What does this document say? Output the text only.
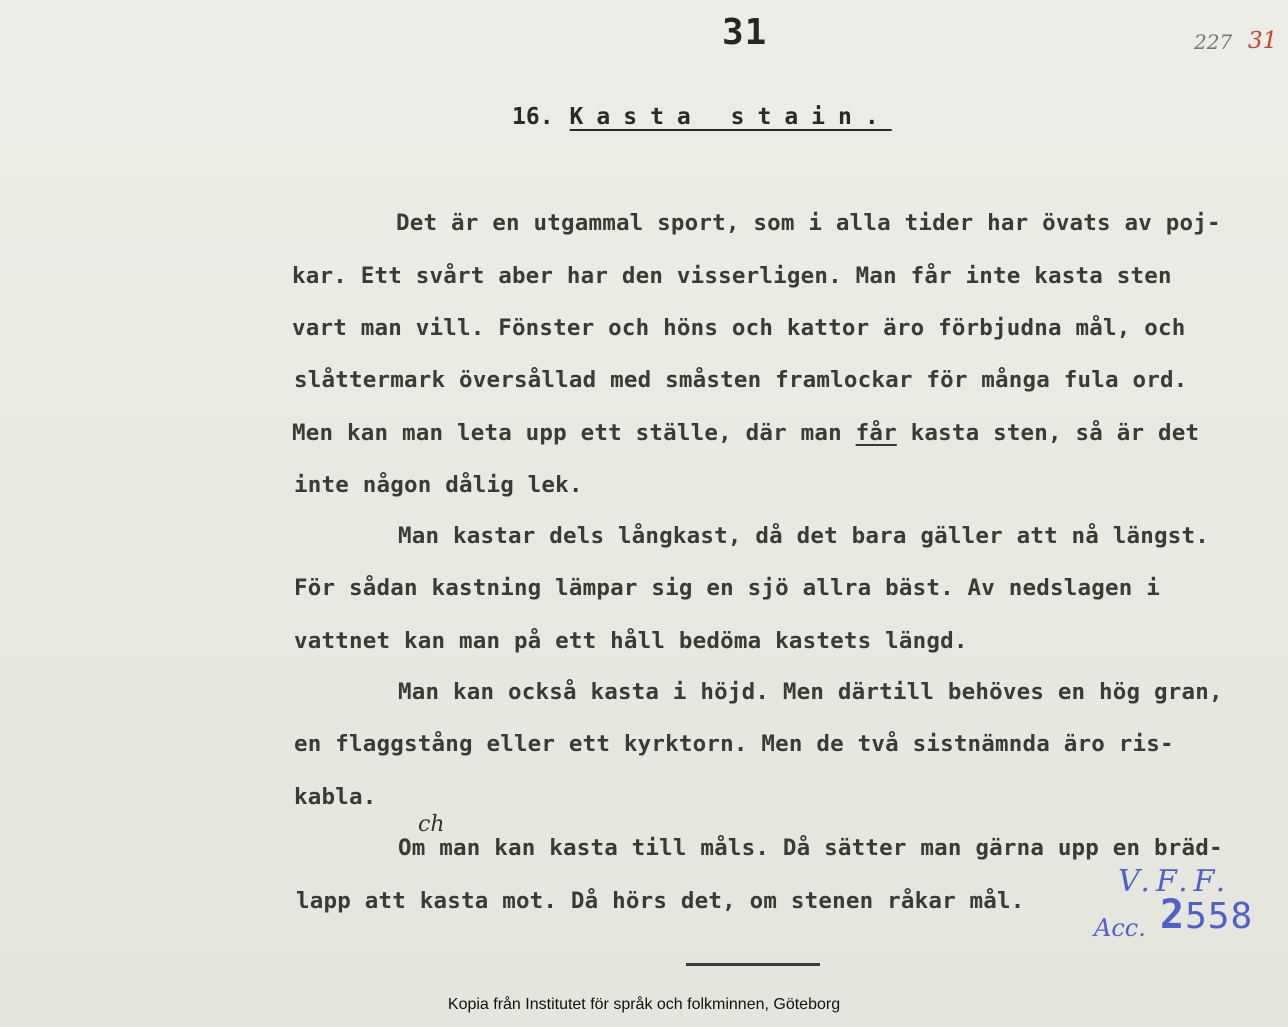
31	227 31
16. Kasta stain.
Det är en utgammal sport, som i alla tider har övats av poj-
kar. Ett svårt aber har den visserligen. Man får inte kasta sten
vart man vill. Fönster och höns och kattor äro förbjudna mål, och
slåttermark översållad med småsten framlockar för många fula ord.
Men kan man leta upp ett ställe, där man får kasta sten, så är det
inte någon dålig lek.
Man kastar dels långkast, då det bara gäller att nå längst.
För sådan kastning lämpar sig en sjö allra bäst. Av nedslagen i
vattnet kan man på ett håll bedöma kastets längd.
Man kan också kasta i höjd. Men därtill behöves en hög gran,
en flaggstång eller ett kyrktorn. Men de två sistnämnda äro ris-
kabla.
ch
Om man kan kasta till måls. Då sätter man gärna upp en bräd-
lapp att kasta mot. Då hörs det, om stenen råkar mål.
V.F.F.
Acc. 2558
Kopia från Institutet för språk och folkminnen, Göteborg
